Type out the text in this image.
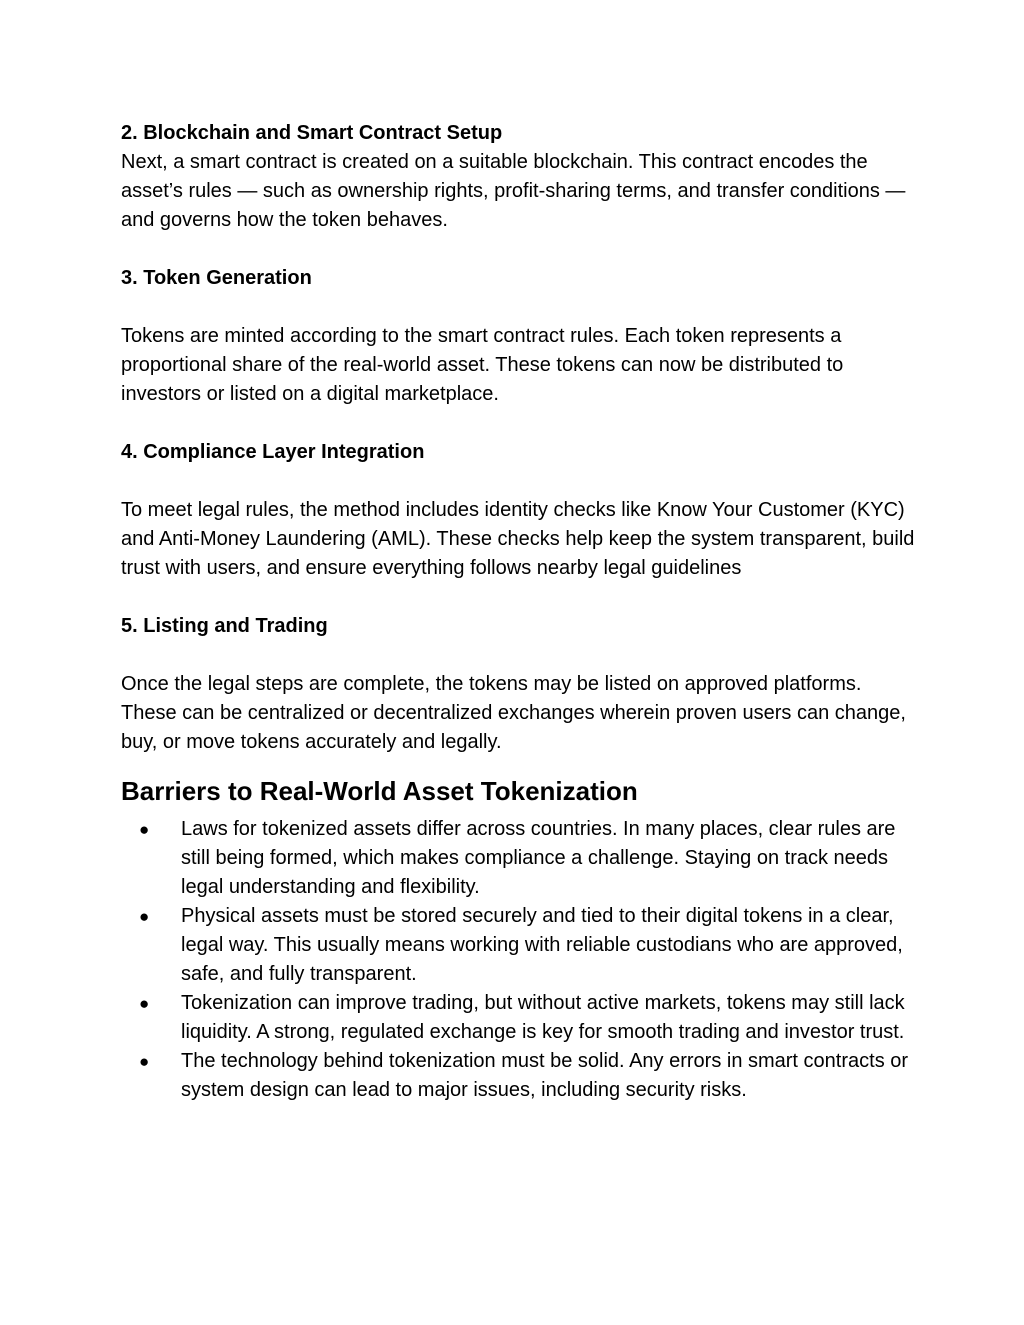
2. Blockchain and Smart Contract Setup

Next, a smart contract is created on a suitable blockchain. This contract encodes the asset’s rules — such as ownership rights, profit-sharing terms, and transfer conditions — and governs how the token behaves.

3. Token Generation

Tokens are minted according to the smart contract rules. Each token represents a proportional share of the real-world asset. These tokens can now be distributed to investors or listed on a digital marketplace.

4. Compliance Layer Integration

To meet legal rules, the method includes identity checks like Know Your Customer (KYC) and Anti-Money Laundering (AML). These checks help keep the system transparent, build trust with users, and ensure everything follows nearby legal guidelines

5. Listing and Trading

Once the legal steps are complete, the tokens may be listed on approved platforms. These can be centralized or decentralized exchanges wherein proven users can change, buy, or move tokens accurately and legally.

Barriers to Real-World Asset Tokenization
● Laws for tokenized assets differ across countries. In many places, clear rules are still being formed, which makes compliance a challenge. Staying on track needs legal understanding and flexibility.
● Physical assets must be stored securely and tied to their digital tokens in a clear, legal way. This usually means working with reliable custodians who are approved, safe, and fully transparent.
● Tokenization can improve trading, but without active markets, tokens may still lack liquidity. A strong, regulated exchange is key for smooth trading and investor trust.
● The technology behind tokenization must be solid. Any errors in smart contracts or system design can lead to major issues, including security risks.
